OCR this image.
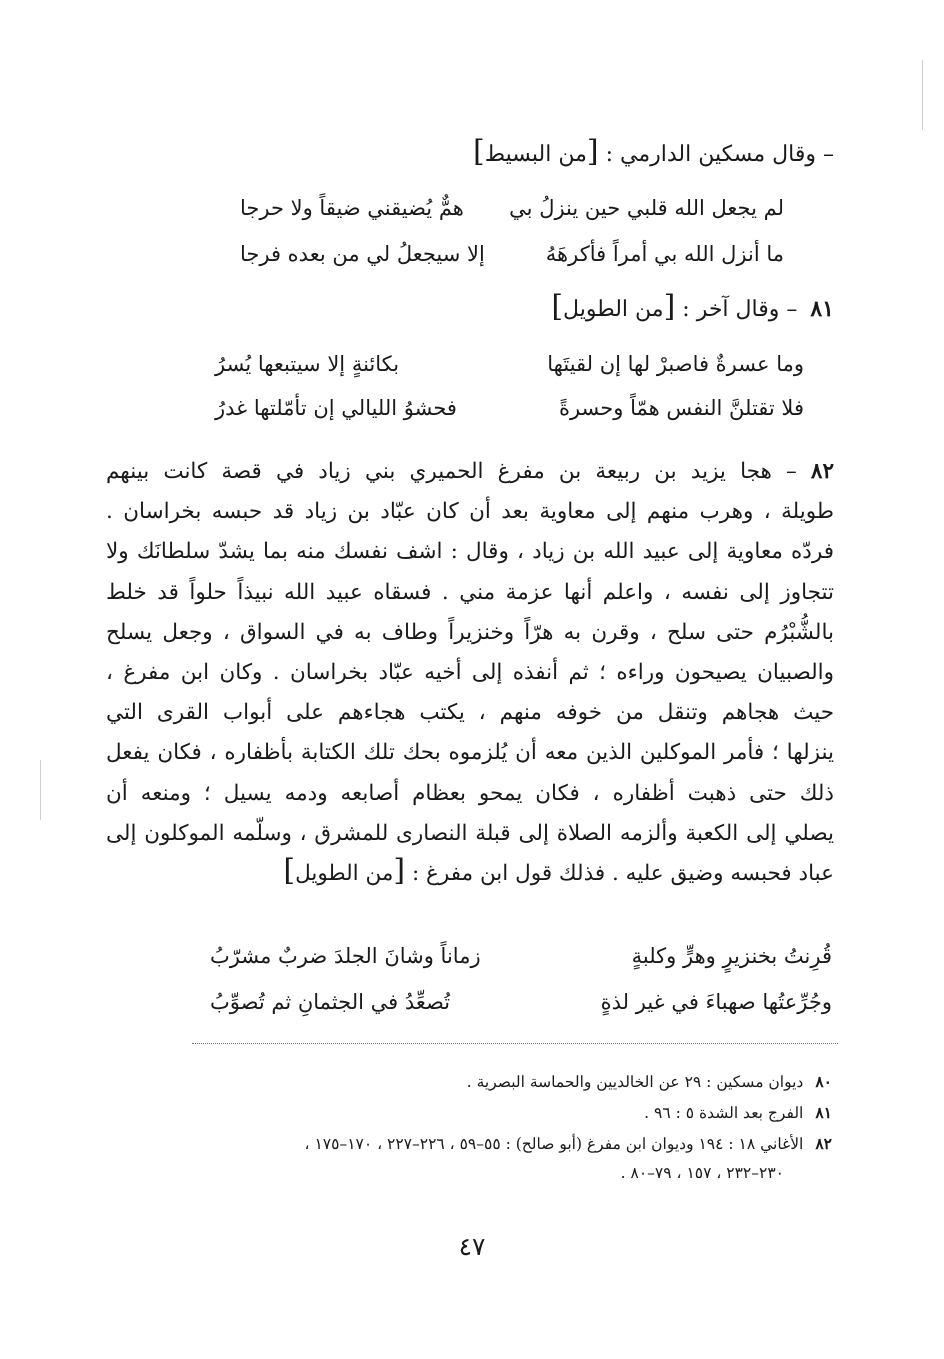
– وقال مسكين الدارمي : [من البسيط]
لم يجعل الله قلبي حين ينزلُ بي
همٌّ يُضيقني ضيقاً ولا حرجا
ما أنزل الله بي أمراً فأكرهَهُ
إلا سيجعلُ لي من بعده فرجا
٨١ – وقال آخر : [من الطويل]
وما عسرةٌ فاصبرْ لها إن لقيتَها
بكائنةٍ إلا سيتبعها يُسرُ
فلا تقتلنَّ النفس همّاً وحسرةً
فحشوُ الليالي إن تأمّلتها غدرُ
٨٢ – هجا يزيد بن ربيعة بن مفرغ الحميري بني زياد في قصة كانت بينهم
طويلة ، وهرب منهم إلى معاوية بعد أن كان عبّاد بن زياد قد حبسه بخراسان .
فردّه معاوية إلى عبيد الله بن زياد ، وقال : اشف نفسك منه بما يشدّ سلطانَك ولا
تتجاوز إلى نفسه ، واعلم أنها عزمة مني . فسقاه عبيد الله نبيذاً حلواً قد خلط
بالشُّبْرُم حتى سلح ، وقرن به هرّاً وخنزيراً وطاف به في السواق ، وجعل يسلح
والصبيان يصيحون وراءه ؛ ثم أنفذه إلى أخيه عبّاد بخراسان . وكان ابن مفرغ ،
حيث هجاهم وتنقل من خوفه منهم ، يكتب هجاءهم على أبواب القرى التي
ينزلها ؛ فأمر الموكلين الذين معه أن يُلزموه بحك تلك الكتابة بأظفاره ، فكان يفعل
ذلك حتى ذهبت أظفاره ، فكان يمحو بعظام أصابعه ودمه يسيل ؛ ومنعه أن
يصلي إلى الكعبة وألزمه الصلاة إلى قبلة النصارى للمشرق ، وسلّمه الموكلون إلى
عباد فحبسه وضيق عليه . فذلك قول ابن مفرغ : [من الطويل]
قُرِنتُ بخنزيرٍ وهرٍّ وكلبةٍ
زماناً وشانَ الجلدَ ضربٌ مشرّبُ
وجُرِّعتُها صهباءَ في غير لذةٍ
تُصعِّدُ في الجثمانِ ثم تُصوِّبُ
٨٠ديوان مسكين : ٢٩ عن الخالديين والحماسة البصرية .
٨١الفرج بعد الشدة ٥ : ٩٦ .
٨٢الأغاني ١٨ : ١٩٤ وديوان ابن مفرغ (أبو صالح) : ٥٥–٥٩ ، ٢٢٦–٢٢٧ ، ١٧٠–١٧٥ ،
٢٣٠–٢٣٢ ، ١٥٧ ، ٧٩–٨٠ .
٤٧
